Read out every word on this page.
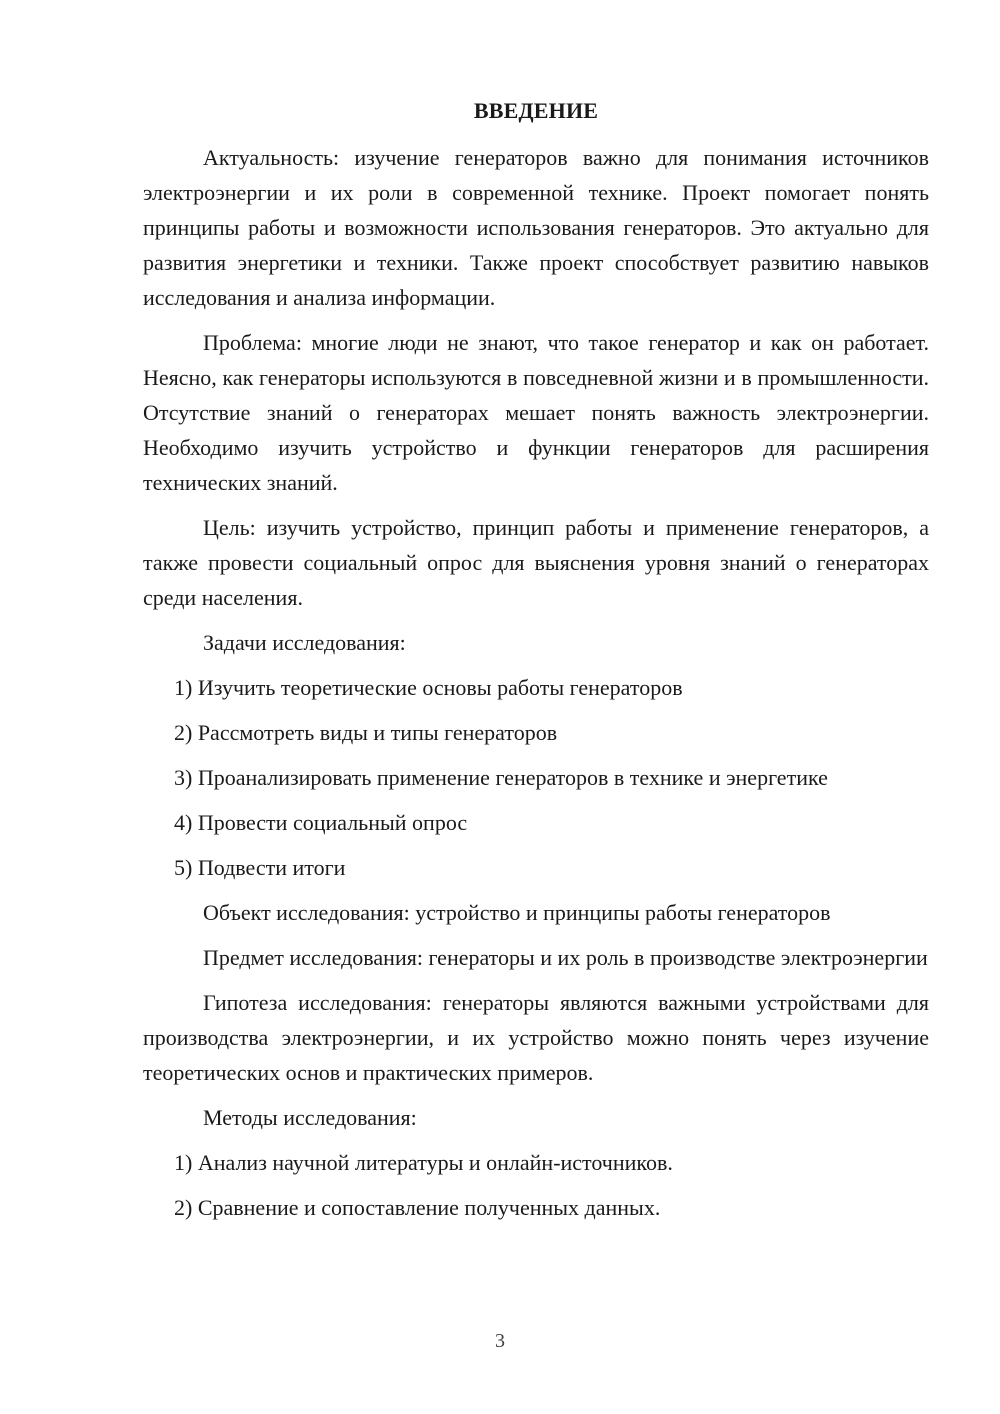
ВВЕДЕНИЕ

Актуальность: изучение генераторов важно для понимания источников электроэнергии и их роли в современной технике. Проект помогает понять принципы работы и возможности использования генераторов. Это актуально для развития энергетики и техники. Также проект способствует развитию навыков исследования и анализа информации.

Проблема: многие люди не знают, что такое генератор и как он работает. Неясно, как генераторы используются в повседневной жизни и в промышленности. Отсутствие знаний о генераторах мешает понять важность электроэнергии. Необходимо изучить устройство и функции генераторов для расширения технических знаний.

Цель: изучить устройство, принцип работы и применение генераторов, а также провести социальный опрос для выяснения уровня знаний о генераторах среди населения.

Задачи исследования:

1) Изучить теоретические основы работы генераторов

2) Рассмотреть виды и типы генераторов

3) Проанализировать применение генераторов в технике и энергетике

4) Провести социальный опрос

5) Подвести итоги

Объект исследования: устройство и принципы работы генераторов

Предмет исследования: генераторы и их роль в производстве электроэнергии

Гипотеза исследования: генераторы являются важными устройствами для производства электроэнергии, и их устройство можно понять через изучение теоретических основ и практических примеров.

Методы исследования:

1) Анализ научной литературы и онлайн-источников.

2) Сравнение и сопоставление полученных данных.

3
